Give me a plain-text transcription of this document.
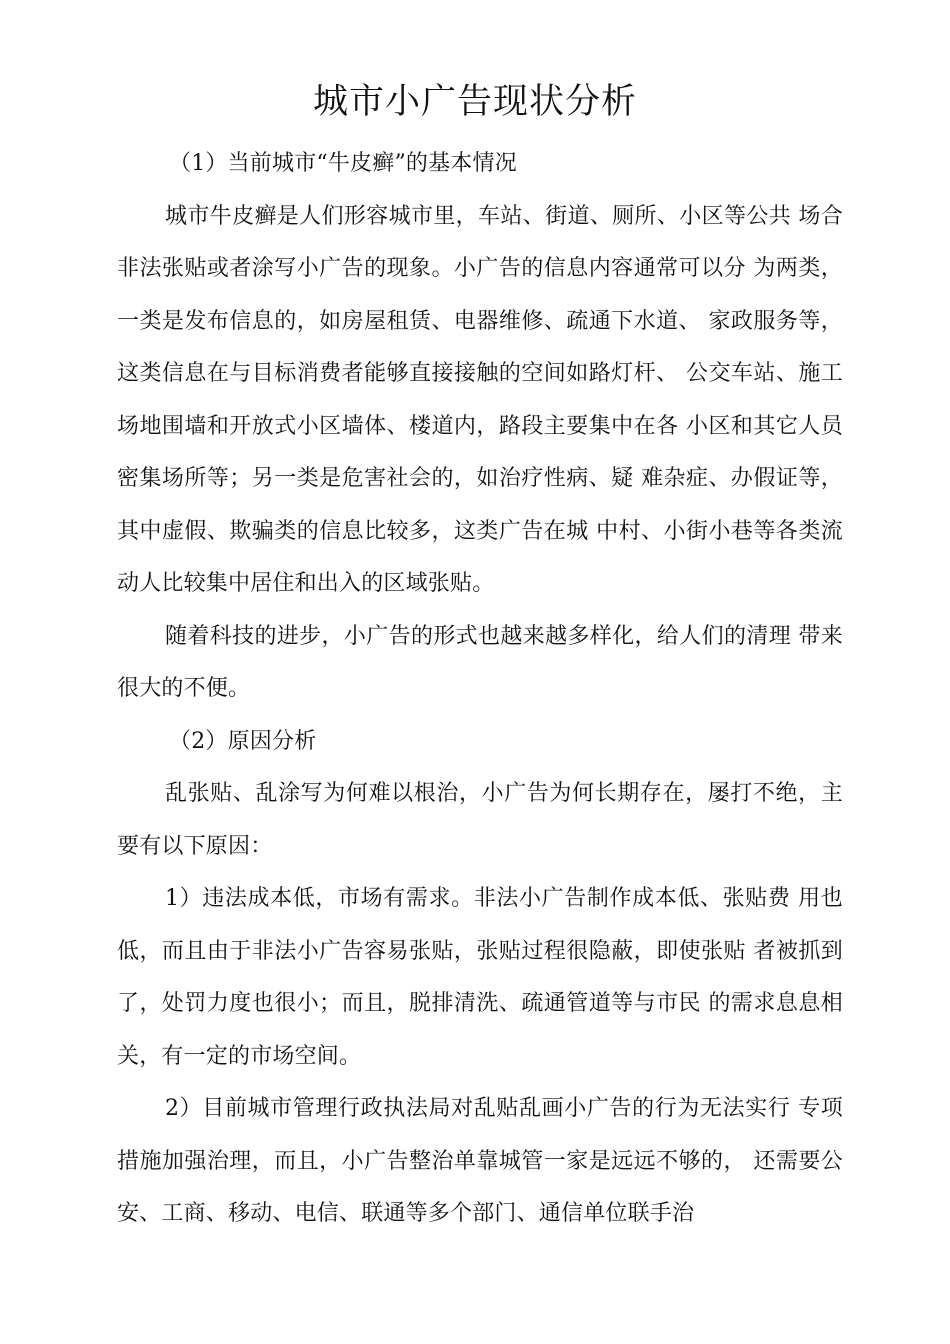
城市小广告现状分析

（1）当前城市“牛皮癣”的基本情况

城市牛皮癣是人们形容城市里，车站、街道、厕所、小区等公共 场合非法张贴或者涂写小广告的现象。小广告的信息内容通常可以分 为两类，一类是发布信息的，如房屋租赁、电器维修、疏通下水道、 家政服务等，这类信息在与目标消费者能够直接接触的空间如路灯杆、 公交车站、施工场地围墙和开放式小区墙体、楼道内，路段主要集中在各 小区和其它人员密集场所等；另一类是危害社会的，如治疗性病、疑 难杂症、办假证等，其中虚假、欺骗类的信息比较多，这类广告在城 中村、小街小巷等各类流动人比较集中居住和出入的区域张贴。

随着科技的进步，小广告的形式也越来越多样化，给人们的清理 带来很大的不便。

（2）原因分析

乱张贴、乱涂写为何难以根治，小广告为何长期存在，屡打不绝，主要有以下原因：

1）违法成本低，市场有需求。非法小广告制作成本低、张贴费 用也低，而且由于非法小广告容易张贴，张贴过程很隐蔽，即使张贴 者被抓到了，处罚力度也很小；而且，脱排清洗、疏通管道等与市民 的需求息息相关，有一定的市场空间。

2）目前城市管理行政执法局对乱贴乱画小广告的行为无法实行 专项措施加强治理，而且，小广告整治单靠城管一家是远远不够的， 还需要公安、工商、移动、电信、联通等多个部门、通信单位联手治
